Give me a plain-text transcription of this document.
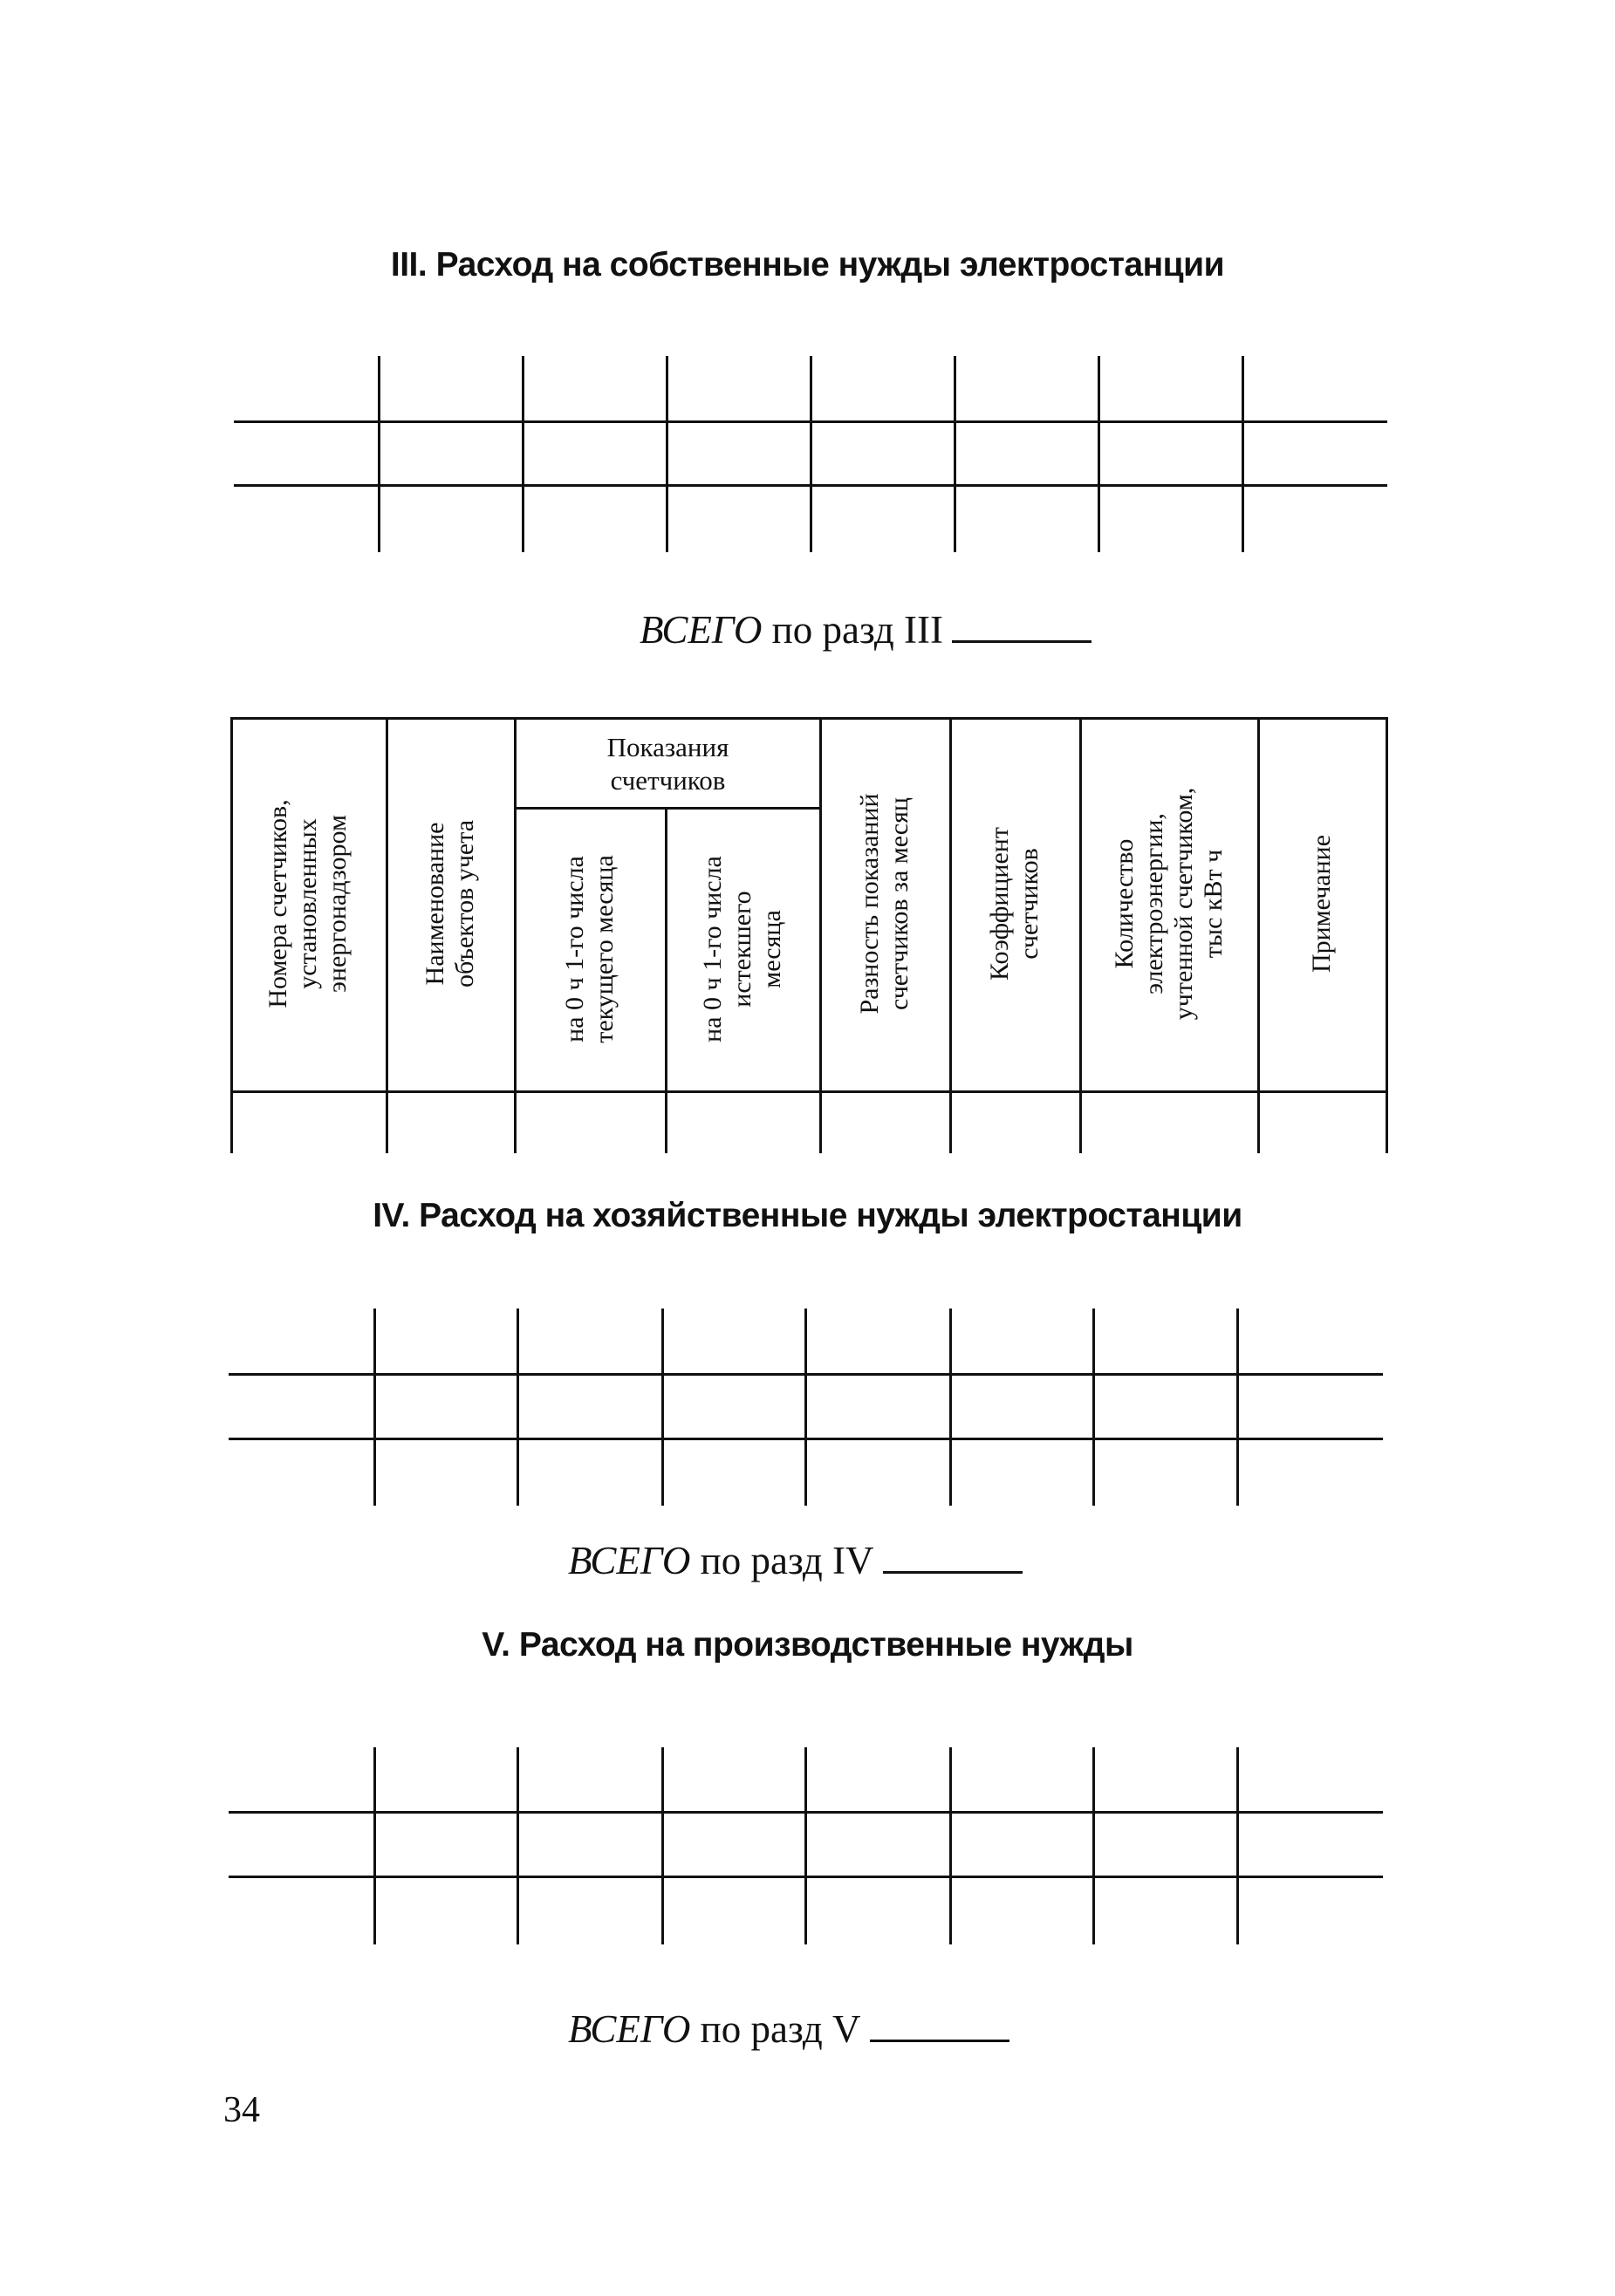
III. Расход на собственные нужды электростанции
ВСЕГО по разд III
Показания
счетчиков
Номера счетчиков, установленных энергонадзором	Наименование объектов учета	на 0 ч 1-го числа текущего месяца	на 0 ч 1-го числа истекшего месяца	Разность показаний счетчиков за месяц	Коэффициент счетчиков	Количество электроэнергии, учтенной счетчиком, тыс кВт ч	Примечание
IV. Расход на хозяйственные нужды электростанции
ВСЕГО по разд IV
V. Расход на производственные нужды
ВСЕГО по разд V
34
